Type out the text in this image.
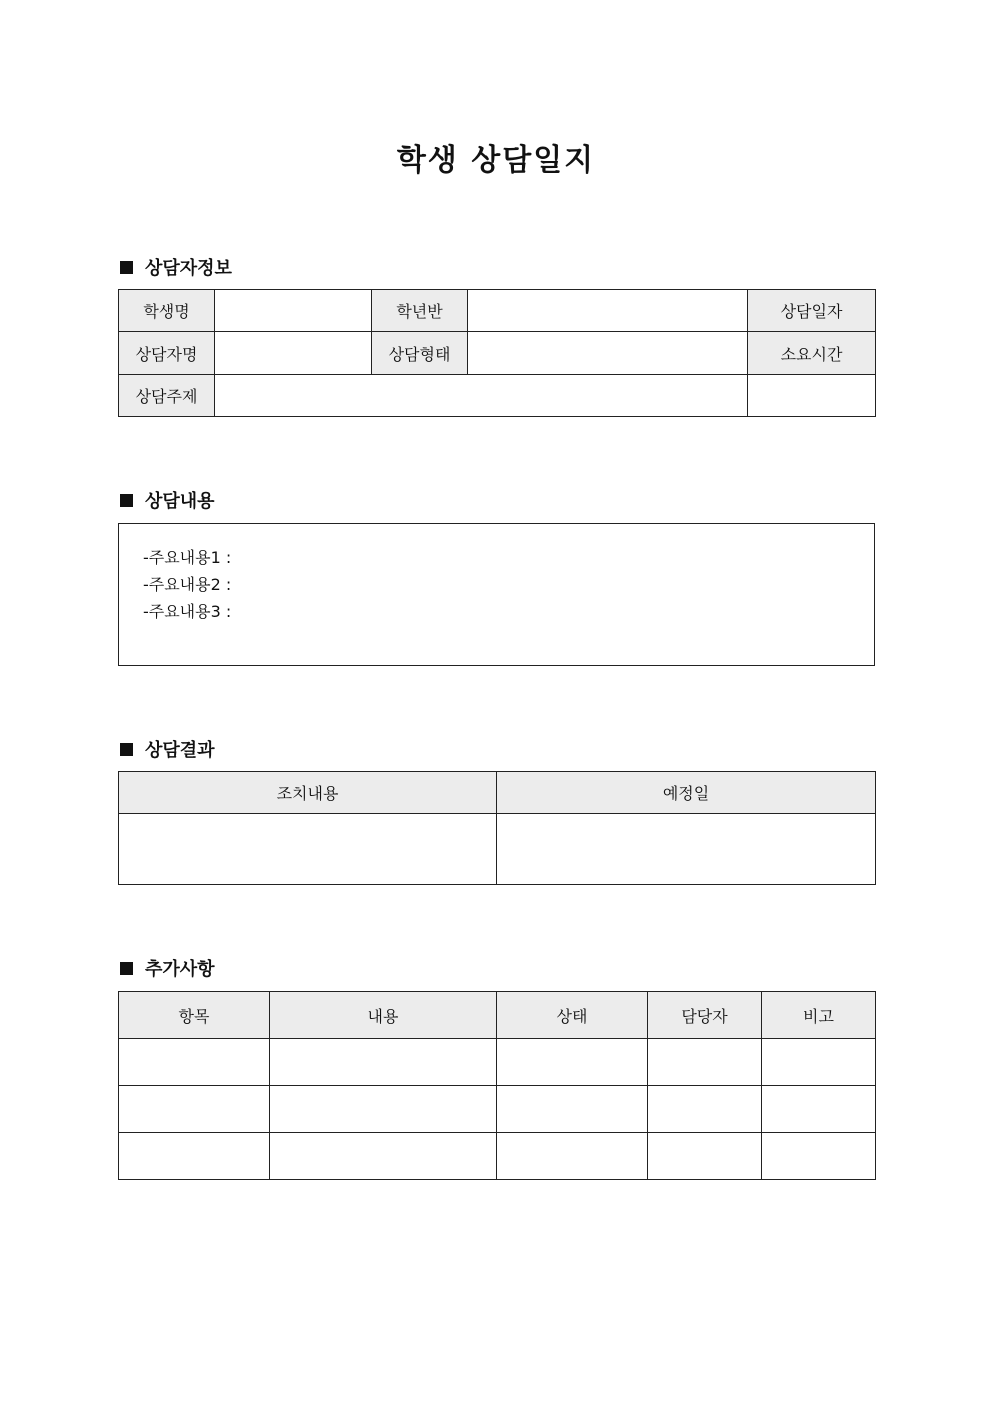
학생 상담일지
상담자정보
학생명		학년반		상담일자
상담자명		상담형태		소요시간
상담주제				
상담내용
-주요내용1 :
-주요내용2 :
-주요내용3 :
상담결과
조치내용	예정일

추가사항
항목	내용	상태	담당자	비고
